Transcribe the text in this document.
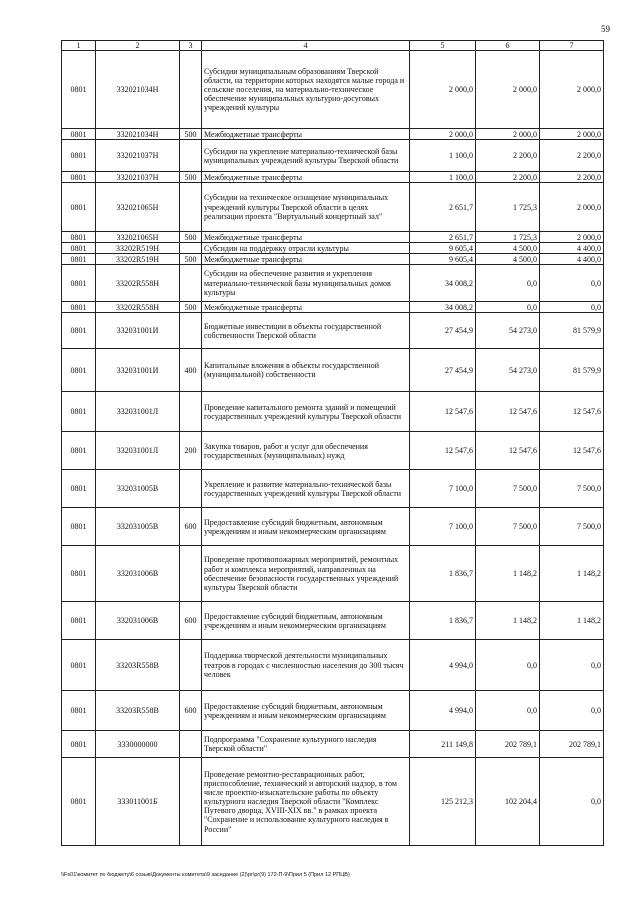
59
1	2	3	4	5	6	7
0801	332021034Н		Субсидии муниципальным образованиям Тверской области, на территории которых находятся малые города и сельские поселения, на материально-техническое обеспечение муниципальных культурно-досуговых учреждений культуры	2 000,0	2 000,0	2 000,0
0801	332021034Н	500	Межбюджетные трансферты	2 000,0	2 000,0	2 000,0
0801	332021037Н		Субсидии на укрепление материально-технической базы муниципальных учреждений культуры Тверской области	1 100,0	2 200,0	2 200,0
0801	332021037Н	500	Межбюджетные трансферты	1 100,0	2 200,0	2 200,0
0801	332021065Н		Субсидии на техническое оснащение муниципальных учреждений культуры Тверской области в целях реализации проекта "Виртуальный концертный зал"	2 651,7	1 725,3	2 000,0
0801	332021065Н	500	Межбюджетные трансферты	2 651,7	1 725,3	2 000,0
0801	33202R519Н		Субсидии на поддержку отрасли культуры	9 605,4	4 500,0	4 400,0
0801	33202R519Н	500	Межбюджетные трансферты	9 605,4	4 500,0	4 400,0
0801	33202R558Н		Субсидии на обеспечение развития и укрепления материально-технической базы муниципальных домов культуры	34 008,2	0,0	0,0
0801	33202R558Н	500	Межбюджетные трансферты	34 008,2	0,0	0,0
0801	332031001И		Бюджетные инвестиции в объекты государственной собственности Тверской области	27 454,9	54 273,0	81 579,9
0801	332031001И	400	Капитальные вложения в объекты государственной (муниципальной) собственности	27 454,9	54 273,0	81 579,9
0801	332031001Л		Проведение капитального ремонта зданий и помещений государственных учреждений культуры Тверской области	12 547,6	12 547,6	12 547,6
0801	332031001Л	200	Закупка товаров, работ и услуг для обеспечения государственных (муниципальных) нужд	12 547,6	12 547,6	12 547,6
0801	332031005В		Укрепление и развитие материально-технической базы государственных учреждений культуры Тверской области	7 100,0	7 500,0	7 500,0
0801	332031005В	600	Предоставление субсидий бюджетным, автономным учреждениям и иным некоммерческим организациям	7 100,0	7 500,0	7 500,0
0801	332031006В		Проведение противопожарных мероприятий, ремонтных работ и комплекса мероприятий, направленных на обеспечение безопасности государственных учреждений культуры Тверской области	1 836,7	1 148,2	1 148,2
0801	332031006В	600	Предоставление субсидий бюджетным, автономным учреждениям и иным некоммерческим организациям	1 836,7	1 148,2	1 148,2
0801	33203R558В		Поддержка творческой деятельности муниципальных театров в городах с численностью населения до 300 тысяч человек	4 994,0	0,0	0,0
0801	33203R558В	600	Предоставление субсидий бюджетным, автономным учреждениям и иным некоммерческим организациям	4 994,0	0,0	0,0
0801	3330000000		Подпрограмма "Сохранение культурного наследия Тверской области"	211 149,8	202 789,1	202 789,1
0801	333011001Б		Проведение ремонтно-реставрационных работ, приспособление, технический и авторский надзор, в том числе проектно-изыскательские работы по объекту культурного наследия Тверской области "Комплекс Путевого дворца, XVIII-XIX вв." в рамках проекта "Сохранение и использование культурного наследия в России"	125 212,3	102 204,4	0,0
\\Fs01\комитет по бюджету\6 созыв\Документы комитета\9 заседание (2)\pr\pr(9) 172-П-9\Прил 5 (Прил 12 РПЦВ)
